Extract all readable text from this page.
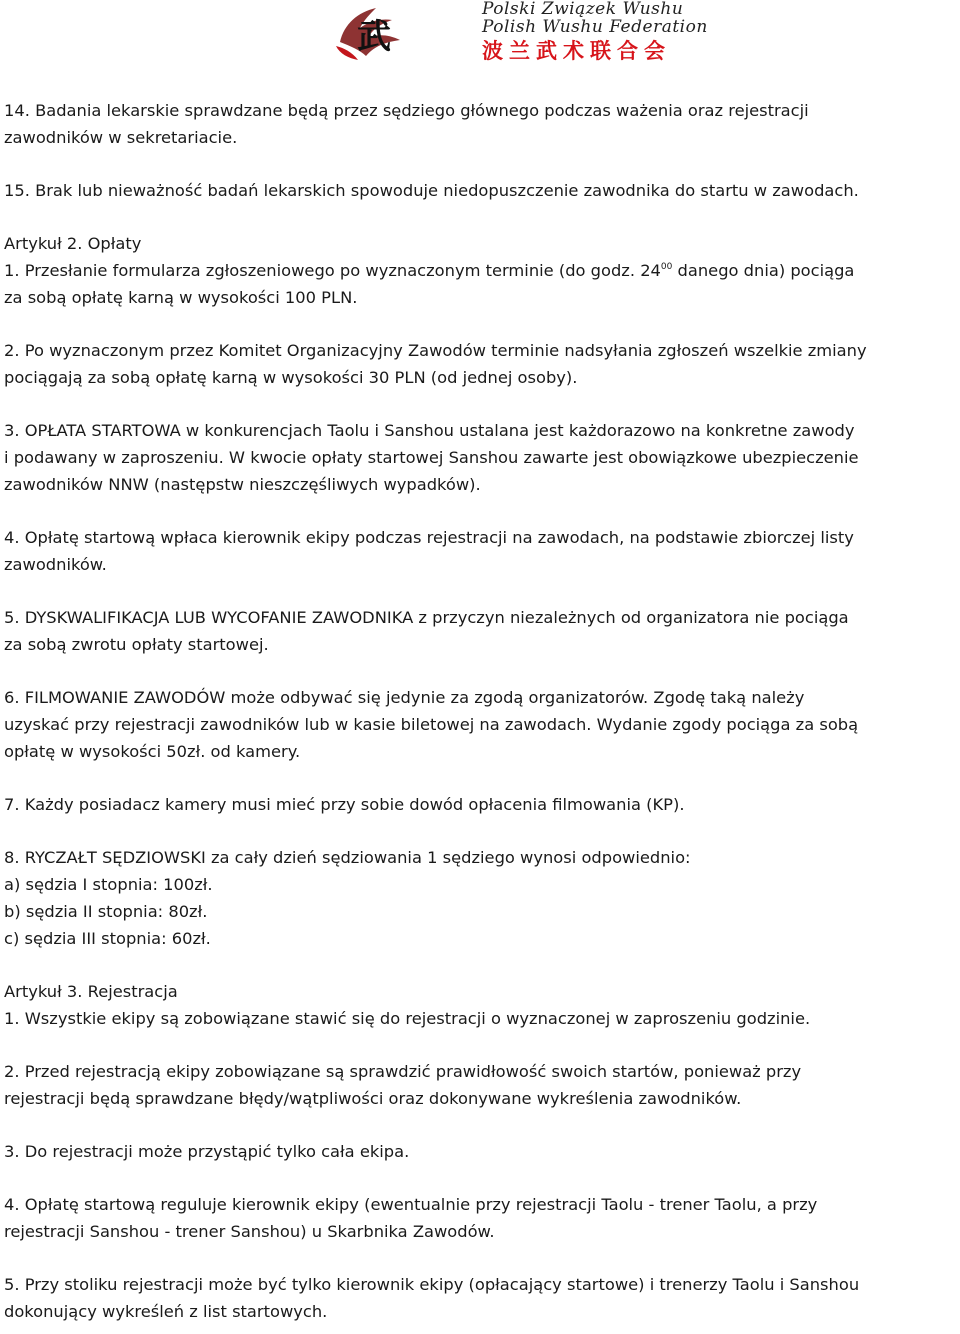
武
Polski Związek Wushu
Polish Wushu Federation
波兰武术联合会

14. Badania lekarskie sprawdzane będą przez sędziego głównego podczas ważenia oraz rejestracji

zawodników w sekretariacie.

15. Brak lub nieważność badań lekarskich spowoduje niedopuszczenie zawodnika do startu w zawodach.

Artykuł 2. Opłaty

1. Przesłanie formularza zgłoszeniowego po wyznaczonym terminie (do godz. $24^{00}$ danego dnia) pociąga

za sobą opłatę karną w wysokości 100 PLN.

2. Po wyznaczonym przez Komitet Organizacyjny Zawodów terminie nadsyłania zgłoszeń wszelkie zmiany

pociągają za sobą opłatę karną w wysokości 30 PLN (od jednej osoby).

3. OPŁATA STARTOWA w konkurencjach Taolu i Sanshou ustalana jest każdorazowo na konkretne zawody

i podawany w zaproszeniu. W kwocie opłaty startowej Sanshou zawarte jest obowiązkowe ubezpieczenie

zawodników NNW (następstw nieszczęśliwych wypadków).

4. Opłatę startową wpłaca kierownik ekipy podczas rejestracji na zawodach, na podstawie zbiorczej listy

zawodników.

5. DYSKWALIFIKACJA LUB WYCOFANIE ZAWODNIKA z przyczyn niezależnych od organizatora nie pociąga

za sobą zwrotu opłaty startowej.

6. FILMOWANIE ZAWODÓW może odbywać się jedynie za zgodą organizatorów. Zgodę taką należy

uzyskać przy rejestracji zawodników lub w kasie biletowej na zawodach. Wydanie zgody pociąga za sobą

opłatę w wysokości 50zł. od kamery.

7. Każdy posiadacz kamery musi mieć przy sobie dowód opłacenia filmowania (KP).

8. RYCZAŁT SĘDZIOWSKI za cały dzień sędziowania 1 sędziego wynosi odpowiednio:

a) sędzia I stopnia: 100zł.

b) sędzia II stopnia: 80zł.

c) sędzia III stopnia: 60zł.

Artykuł 3. Rejestracja

1. Wszystkie ekipy są zobowiązane stawić się do rejestracji o wyznaczonej w zaproszeniu godzinie.

2. Przed rejestracją ekipy zobowiązane są sprawdzić prawidłowość swoich startów, ponieważ przy

rejestracji będą sprawdzane błędy/wątpliwości oraz dokonywane wykreślenia zawodników.

3. Do rejestracji może przystąpić tylko cała ekipa.

4. Opłatę startową reguluje kierownik ekipy (ewentualnie przy rejestracji Taolu - trener Taolu, a przy

rejestracji Sanshou - trener Sanshou) u Skarbnika Zawodów.

5. Przy stoliku rejestracji może być tylko kierownik ekipy (opłacający startowe) i trenerzy Taolu i Sanshou

dokonujący wykreśleń z list startowych.
